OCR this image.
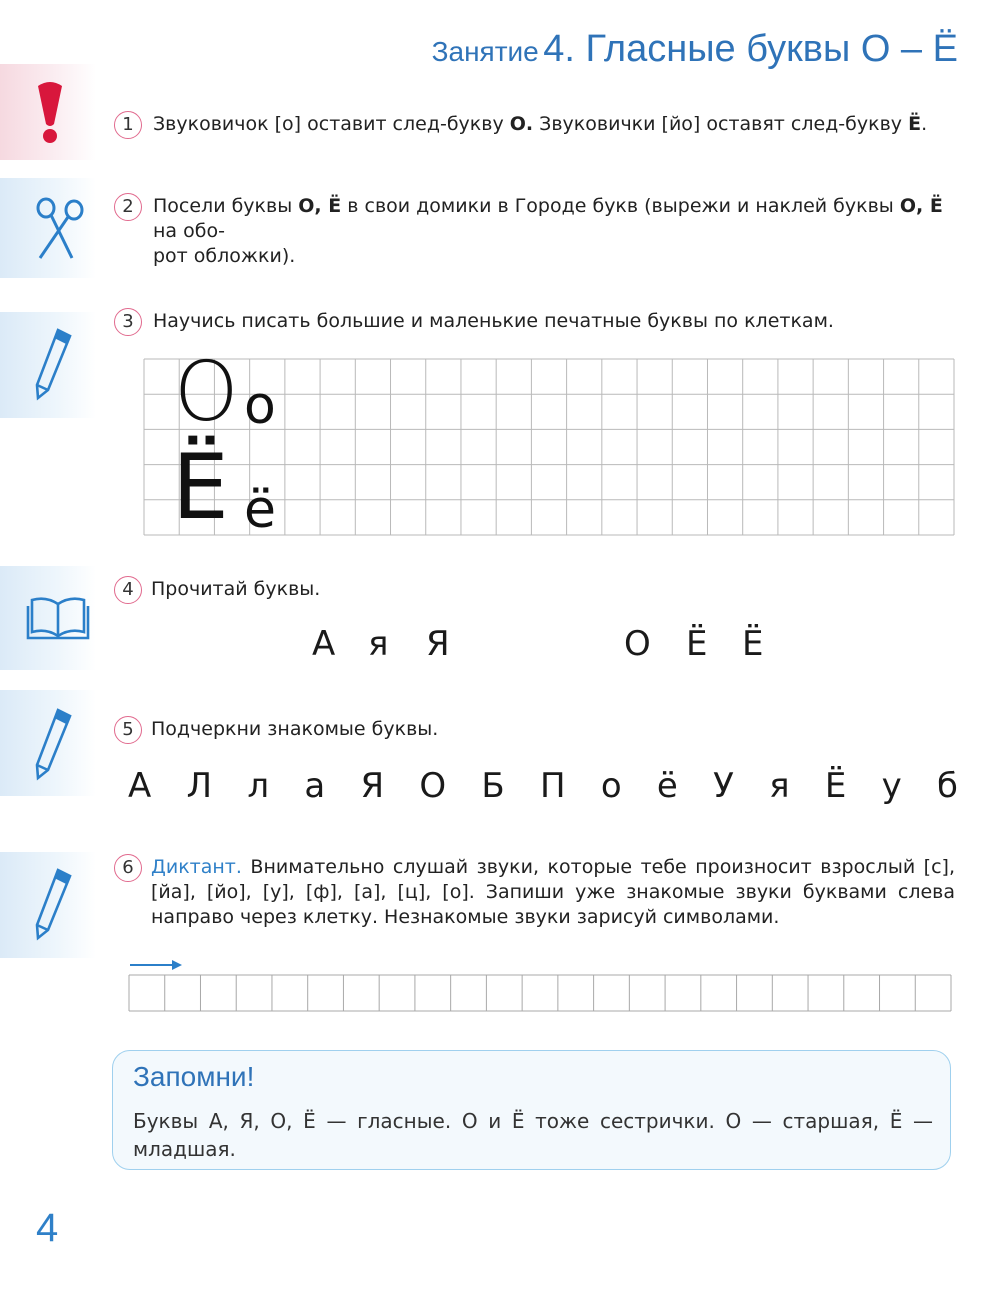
Занятие 4. Гласные буквы О – Ё
1	Звуковичок [о] оставит след-букву О. Звуковички [йо] оставят след-букву Ё.
2	Посели буквы О, Ё в свои домики в Городе букв (вырежи и наклей буквы О, Ё на обо-
рот обложки).
3	Научись писать большие и маленькие печатные буквы по клеткам.
О о
Ё ё
4 Прочитай буквы.
А я Я	О Ё Ё
5 Подчеркни знакомые буквы.
А Л л а Я О Б П о ё У я Ё у б
6 Диктант. Внимательно слушай звуки, которые тебе произносит взрослый [с], [йа], [йо], [у], [ф], [а], [ц], [о]. Запиши уже знакомые звуки буквами слева направо через клетку. Незнакомые звуки зарисуй символами.
Запомни!
Буквы А, Я, О, Ё — гласные. О и Ё тоже сестрички. О — старшая, Ё — младшая.
4
